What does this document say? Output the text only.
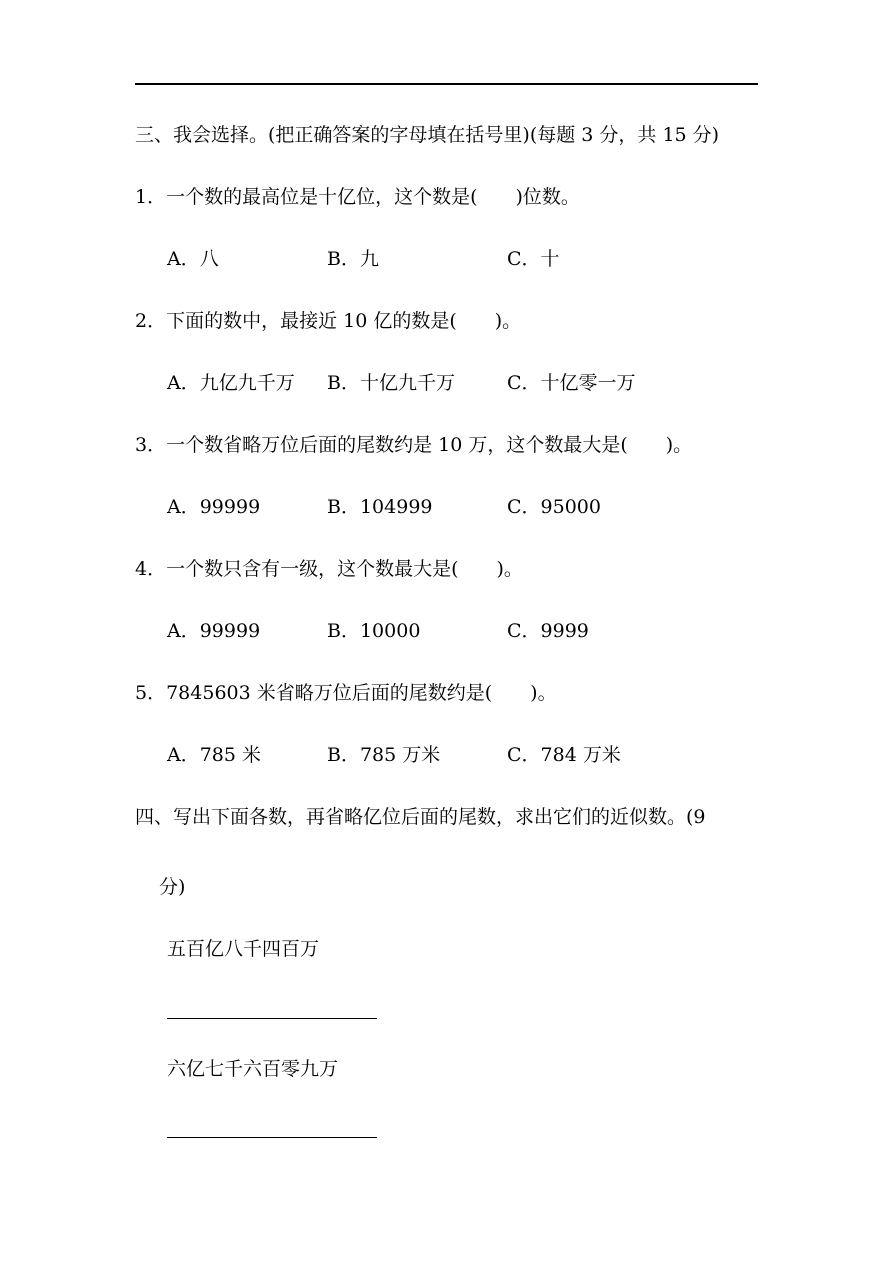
三、我会选择。(把正确答案的字母填在括号里)(每题 3 分，共 15 分)
1．一个数的最高位是十亿位，这个数是(　　)位数。
A．八	B．九	C．十
2．下面的数中，最接近 10 亿的数是(　　)。
A．九亿九千万 B．十亿九千万	C．十亿零一万
3．一个数省略万位后面的尾数约是 10 万，这个数最大是(　　)。
A．99999	B．104999	C．95000
4．一个数只含有一级，这个数最大是(　　)。
A．99999	B．10000	C．9999
5．7845603 米省略万位后面的尾数约是(　　)。
A．785 米	B．785 万米	C．784 万米
四、写出下面各数，再省略亿位后面的尾数，求出它们的近似数。(9
分)
五百亿八千四百万
六亿七千六百零九万
